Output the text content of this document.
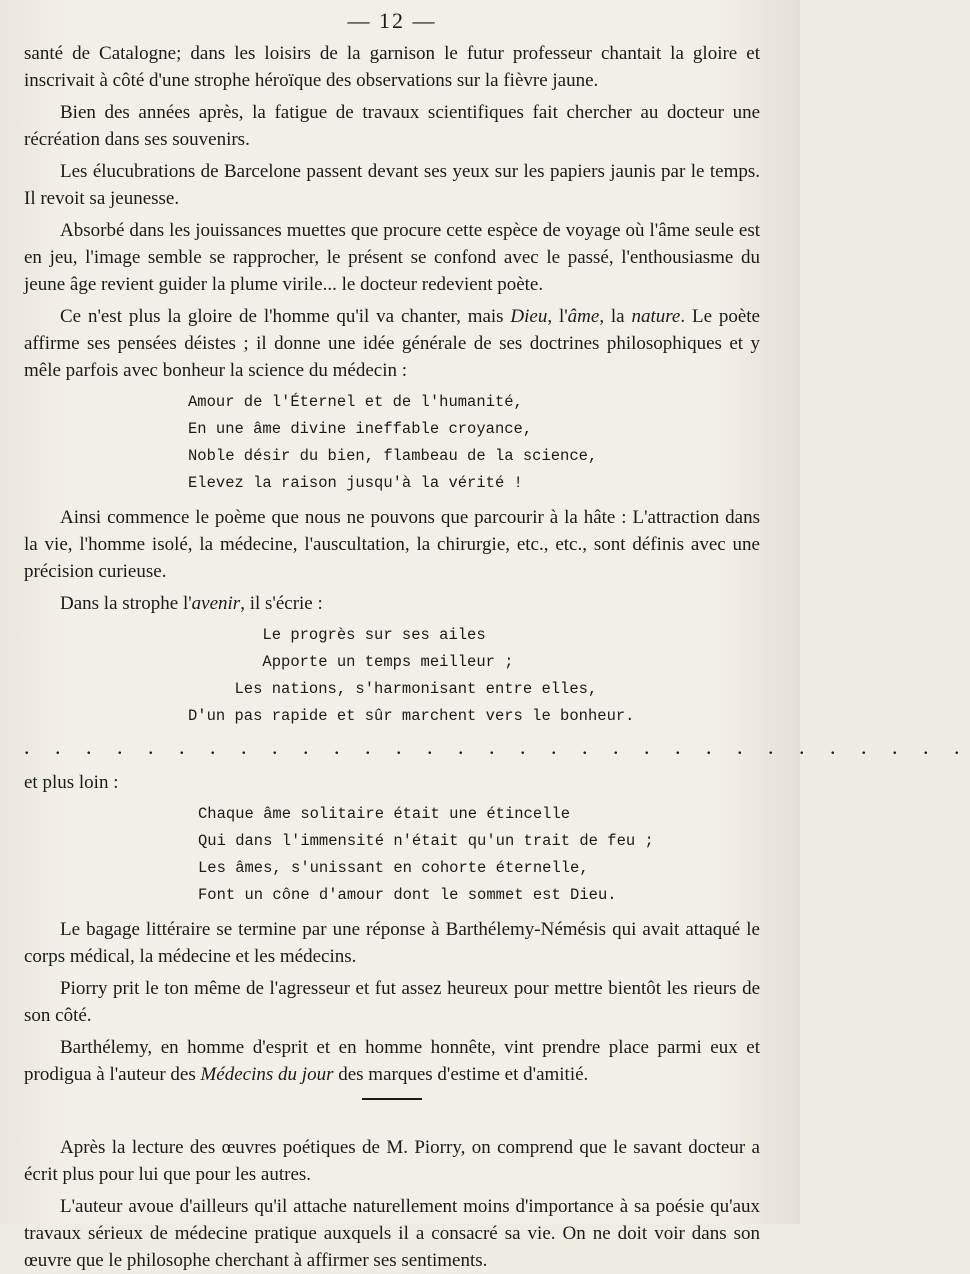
— 12 —

santé de Catalogne; dans les loisirs de la garnison le futur professeur chantait la gloire et inscrivait à côté d'une strophe héroïque des observations sur la fièvre jaune.

Bien des années après, la fatigue de travaux scientifiques fait chercher au docteur une récréation dans ses souvenirs.

Les élucubrations de Barcelone passent devant ses yeux sur les papiers jaunis par le temps. Il revoit sa jeunesse.

Absorbé dans les jouissances muettes que procure cette espèce de voyage où l'âme seule est en jeu, l'image semble se rapprocher, le présent se confond avec le passé, l'enthousiasme du jeune âge revient guider la plume virile... le docteur redevient poète.

Ce n'est plus la gloire de l'homme qu'il va chanter, mais Dieu, l'âme, la nature. Le poète affirme ses pensées déistes ; il donne une idée générale de ses doctrines philosophiques et y mêle parfois avec bonheur la science du médecin :

Amour de l'Éternel et de l'humanité,
En une âme divine ineffable croyance,
Noble désir du bien, flambeau de la science,
Elevez la raison jusqu'à la vérité !

Ainsi commence le poème que nous ne pouvons que parcourir à la hâte : L'attraction dans la vie, l'homme isolé, la médecine, l'auscultation, la chirurgie, etc., etc., sont définis avec une précision curieuse.

Dans la strophe l'avenir, il s'écrie :

Le progrès sur ses ailes
Apporte un temps meilleur ;
Les nations, s'harmonisant entre elles,
D'un pas rapide et sûr marchent vers le bonheur.
. . . . . . . . . . . . . . . . . . . . . . . . . . . . . . .

et plus loin :

Chaque âme solitaire était une étincelle
Qui dans l'immensité n'était qu'un trait de feu ;
Les âmes, s'unissant en cohorte éternelle,
Font un cône d'amour dont le sommet est Dieu.

Le bagage littéraire se termine par une réponse à Barthélemy-Némésis qui avait attaqué le corps médical, la médecine et les médecins.

Piorry prit le ton même de l'agresseur et fut assez heureux pour mettre bientôt les rieurs de son côté.

Barthélemy, en homme d'esprit et en homme honnête, vint prendre place parmi eux et prodigua à l'auteur des Médecins du jour des marques d'estime et d'amitié.

Après la lecture des œuvres poétiques de M. Piorry, on comprend que le savant docteur a écrit plus pour lui que pour les autres.

L'auteur avoue d'ailleurs qu'il attache naturellement moins d'importance à sa poésie qu'aux travaux sérieux de médecine pratique auxquels il a consacré sa vie. On ne doit voir dans son œuvre que le philosophe cherchant à affirmer ses sentiments.
